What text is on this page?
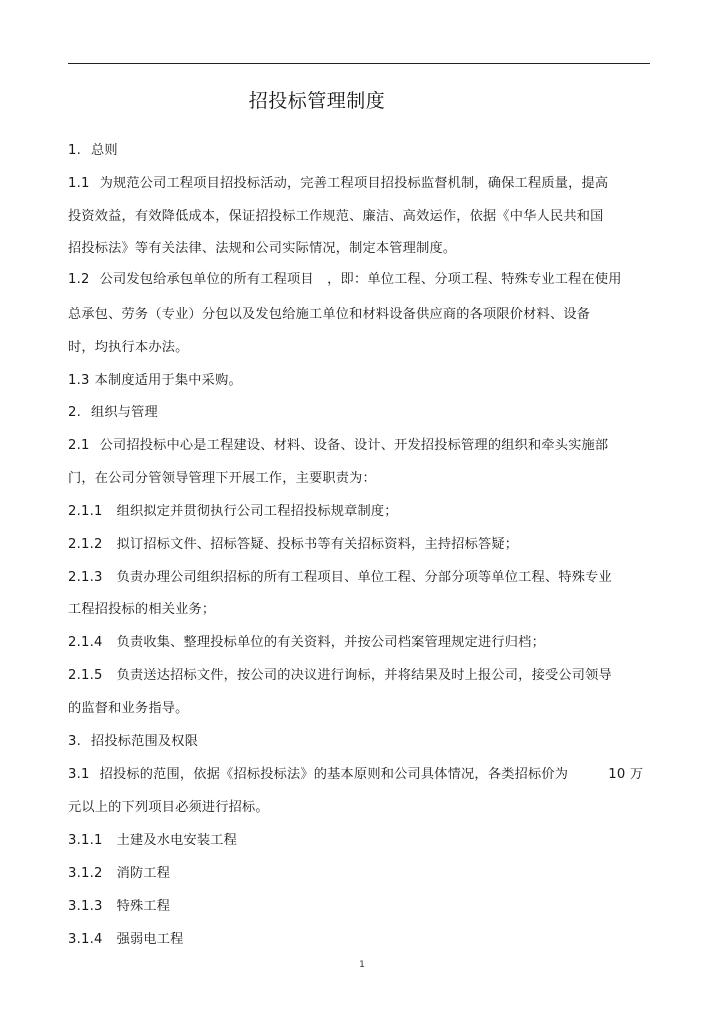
招投标管理制度
1. 总则
1.1 为规范公司工程项目招投标活动，完善工程项目招投标监督机制，确保工程质量，提高
投资效益，有效降低成本，保证招投标工作规范、廉洁、高效运作，依据《中华人民共和国
招投标法》等有关法律、法规和公司实际情况，制定本管理制度。
1.2 公司发包给承包单位的所有工程项目　，即：单位工程、分项工程、特殊专业工程在使用
总承包、劳务（专业）分包以及发包给施工单位和材料设备供应商的各项限价材料、设备
时，均执行本办法。
1.3 本制度适用于集中采购。
2. 组织与管理
2.1 公司招投标中心是工程建设、材料、设备、设计、开发招投标管理的组织和牵头实施部
门，在公司分管领导管理下开展工作，主要职责为：
2.1.1 组织拟定并贯彻执行公司工程招投标规章制度；
2.1.2 拟订招标文件、招标答疑、投标书等有关招标资料，主持招标答疑；
2.1.3 负责办理公司组织招标的所有工程项目、单位工程、分部分项等单位工程、特殊专业
工程招投标的相关业务；
2.1.4 负责收集、整理投标单位的有关资料，并按公司档案管理规定进行归档；
2.1.5 负责送达招标文件，按公司的决议进行询标，并将结果及时上报公司，接受公司领导
的监督和业务指导。
3. 招投标范围及权限
3.1 招投标的范围，依据《招标投标法》的基本原则和公司具体情况，各类招标价为　　　10 万
元以上的下列项目必须进行招标。
3.1.1 土建及水电安装工程
3.1.2 消防工程
3.1.3 特殊工程
3.1.4 强弱电工程
1
